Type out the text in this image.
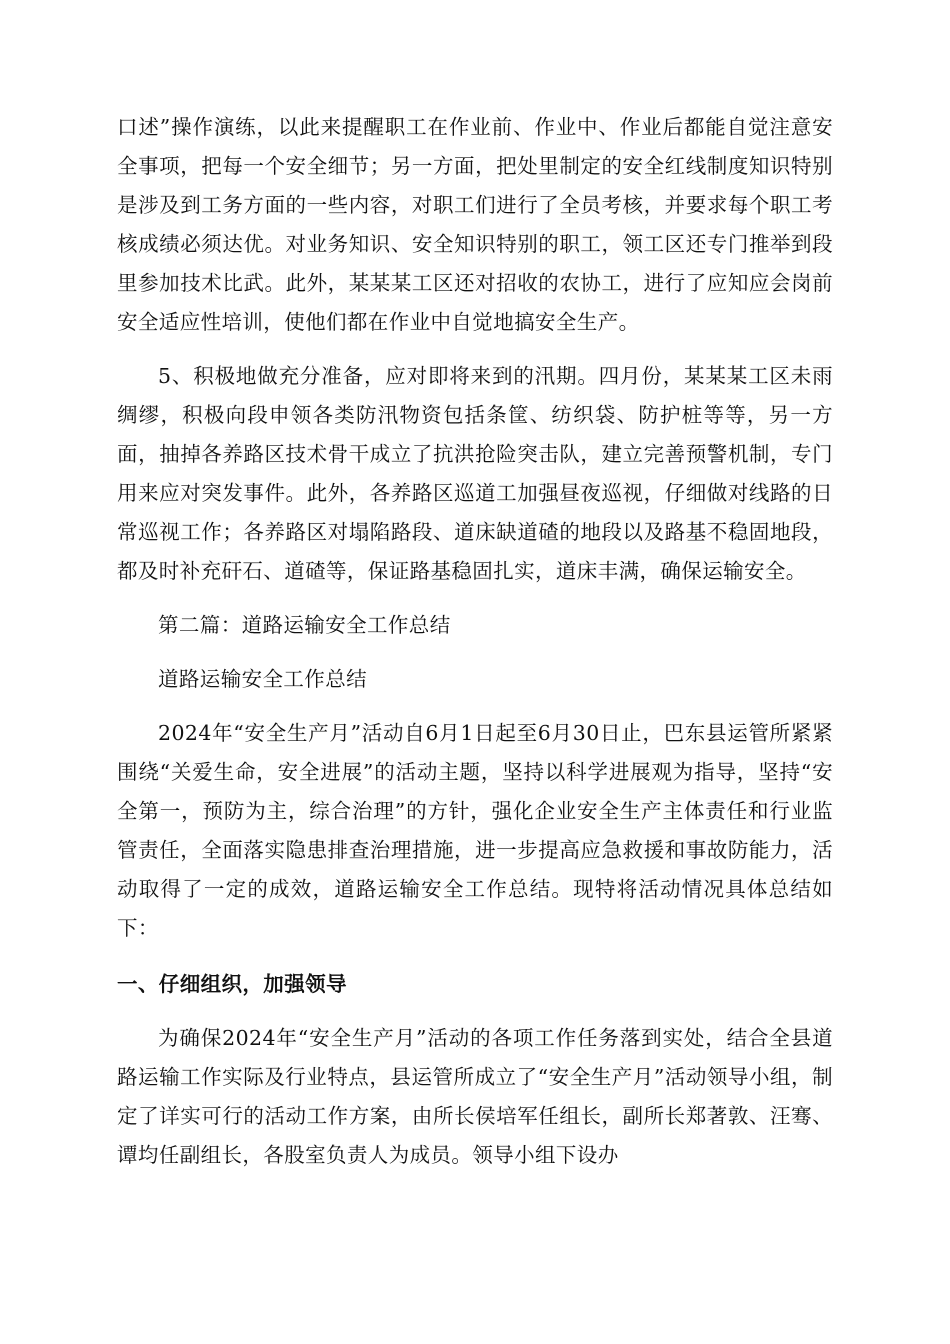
口述”操作演练，以此来提醒职工在作业前、作业中、作业后都能自觉注意安全事项，把每一个安全细节；另一方面，把处里制定的安全红线制度知识特别是涉及到工务方面的一些内容，对职工们进行了全员考核，并要求每个职工考核成绩必须达优。对业务知识、安全知识特别的职工，领工区还专门推举到段里参加技术比武。此外，某某某工区还对招收的农协工，进行了应知应会岗前安全适应性培训，使他们都在作业中自觉地搞安全生产。

5、积极地做充分准备，应对即将来到的汛期。四月份，某某某工区未雨绸缪，积极向段申领各类防汛物资包括条筐、纺织袋、防护桩等等，另一方面，抽掉各养路区技术骨干成立了抗洪抢险突击队，建立完善预警机制，专门用来应对突发事件。此外，各养路区巡道工加强昼夜巡视，仔细做对线路的日常巡视工作；各养路区对塌陷路段、道床缺道碴的地段以及路基不稳固地段，都及时补充矸石、道碴等，保证路基稳固扎实，道床丰满，确保运输安全。

第二篇：道路运输安全工作总结

道路运输安全工作总结

2024年“安全生产月”活动自6月1日起至6月30日止，巴东县运管所紧紧围绕“关爱生命，安全进展”的活动主题，坚持以科学进展观为指导，坚持“安全第一，预防为主，综合治理”的方针，强化企业安全生产主体责任和行业监管责任，全面落实隐患排查治理措施，进一步提高应急救援和事故防能力，活动取得了一定的成效，道路运输安全工作总结。现特将活动情况具体总结如下：

一、仔细组织，加强领导

为确保2024年“安全生产月”活动的各项工作任务落到实处，结合全县道路运输工作实际及行业特点，县运管所成立了“安全生产月”活动领导小组，制定了详实可行的活动工作方案，由所长侯培军任组长，副所长郑著敦、汪骞、谭均任副组长，各股室负责人为成员。领导小组下设办
